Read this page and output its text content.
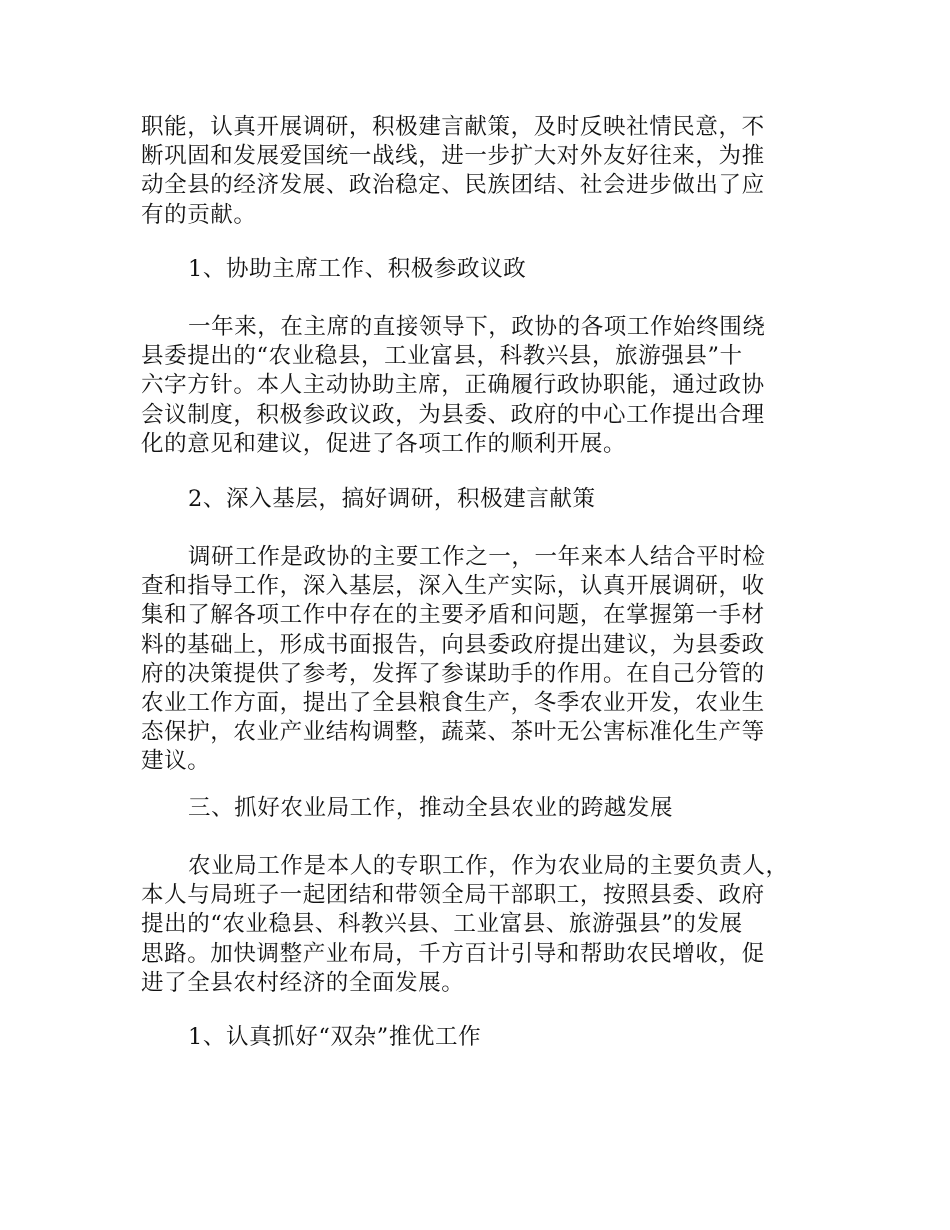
职能，认真开展调研，积极建言献策，及时反映社情民意，不
断巩固和发展爱国统一战线，进一步扩大对外友好往来，为推
动全县的经济发展、政治稳定、民族团结、社会进步做出了应
有的贡献。
1、协助主席工作、积极参政议政
一年来，在主席的直接领导下，政协的各项工作始终围绕
县委提出的“农业稳县，工业富县，科教兴县，旅游强县”十
六字方针。本人主动协助主席，正确履行政协职能，通过政协
会议制度，积极参政议政，为县委、政府的中心工作提出合理
化的意见和建议，促进了各项工作的顺利开展。
2、深入基层，搞好调研，积极建言献策
调研工作是政协的主要工作之一，一年来本人结合平时检
查和指导工作，深入基层，深入生产实际，认真开展调研，收
集和了解各项工作中存在的主要矛盾和问题，在掌握第一手材
料的基础上，形成书面报告，向县委政府提出建议，为县委政
府的决策提供了参考，发挥了参谋助手的作用。在自己分管的
农业工作方面，提出了全县粮食生产，冬季农业开发，农业生
态保护，农业产业结构调整，蔬菜、茶叶无公害标准化生产等
建议。
三、抓好农业局工作，推动全县农业的跨越发展
农业局工作是本人的专职工作，作为农业局的主要负责人，
本人与局班子一起团结和带领全局干部职工，按照县委、政府
提出的“农业稳县、科教兴县、工业富县、旅游强县”的发展
思路。加快调整产业布局，千方百计引导和帮助农民增收，促
进了全县农村经济的全面发展。
1、认真抓好“双杂”推优工作
